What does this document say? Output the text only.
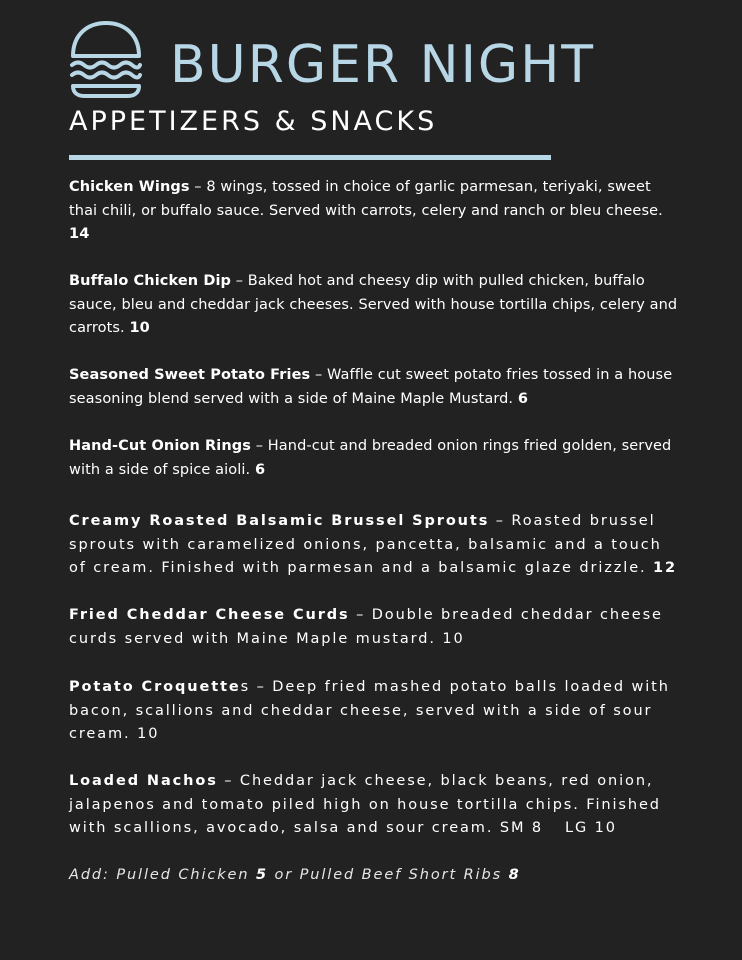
BURGER NIGHT
APPETIZERS & SNACKS
Chicken Wings – 8 wings, tossed in choice of garlic parmesan, teriyaki, sweet thai chili, or buffalo sauce. Served with carrots, celery and ranch or bleu cheese.
14
Buffalo Chicken Dip – Baked hot and cheesy dip with pulled chicken, buffalo sauce, bleu and cheddar jack cheeses. Served with house tortilla chips, celery and carrots. 10
Seasoned Sweet Potato Fries – Waffle cut sweet potato fries tossed in a house seasoning blend served with a side of Maine Maple Mustard. 6
Hand-Cut Onion Rings – Hand-cut and breaded onion rings fried golden, served with a side of spice aioli. 6
Creamy Roasted Balsamic Brussel Sprouts – Roasted brussel sprouts with caramelized onions, pancetta, balsamic and a touch of cream. Finished with parmesan and a balsamic glaze drizzle. 12
Fried Cheddar Cheese Curds – Double breaded cheddar cheese curds served with Maine Maple mustard. 10
Potato Croquettes – Deep fried mashed potato balls loaded with bacon, scallions and cheddar cheese, served with a side of sour cream. 10
Loaded Nachos – Cheddar jack cheese, black beans, red onion, jalapenos and tomato piled high on house tortilla chips. Finished with scallions, avocado, salsa and sour cream. SM 8 LG 10
Add: Pulled Chicken 5 or Pulled Beef Short Ribs 8
